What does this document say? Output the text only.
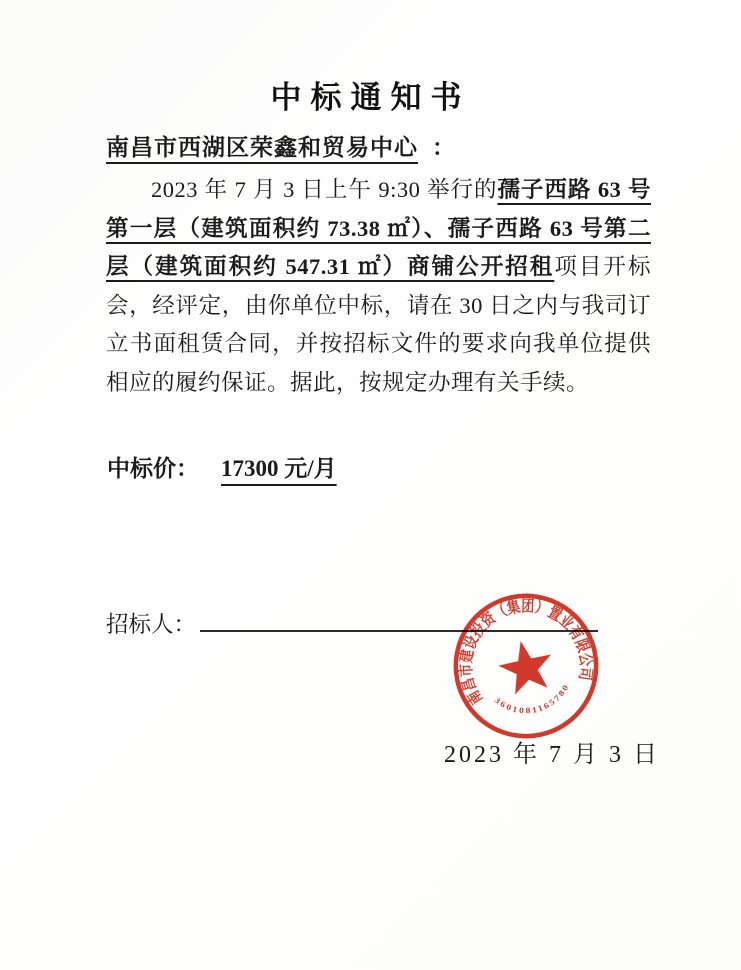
中标通知书
南昌市西湖区荣鑫和贸易中心 ：

2023 年 7 月 3 日上午 9:30 举行的孺子西路 63 号第一层（建筑面积约 73.38 ㎡）、孺子西路 63 号第二层（建筑面积约 547.31 ㎡）商铺公开招租项目开标会，经评定，由你单位中标，请在 30 日之内与我司订立书面租赁合同，并按招标文件的要求向我单位提供相应的履约保证。据此，按规定办理有关手续。

中标价： 17300 元/月
招标人：
南昌市建设投资（集团）置业有限公司
3601081165780
2023 年 7 月 3 日
